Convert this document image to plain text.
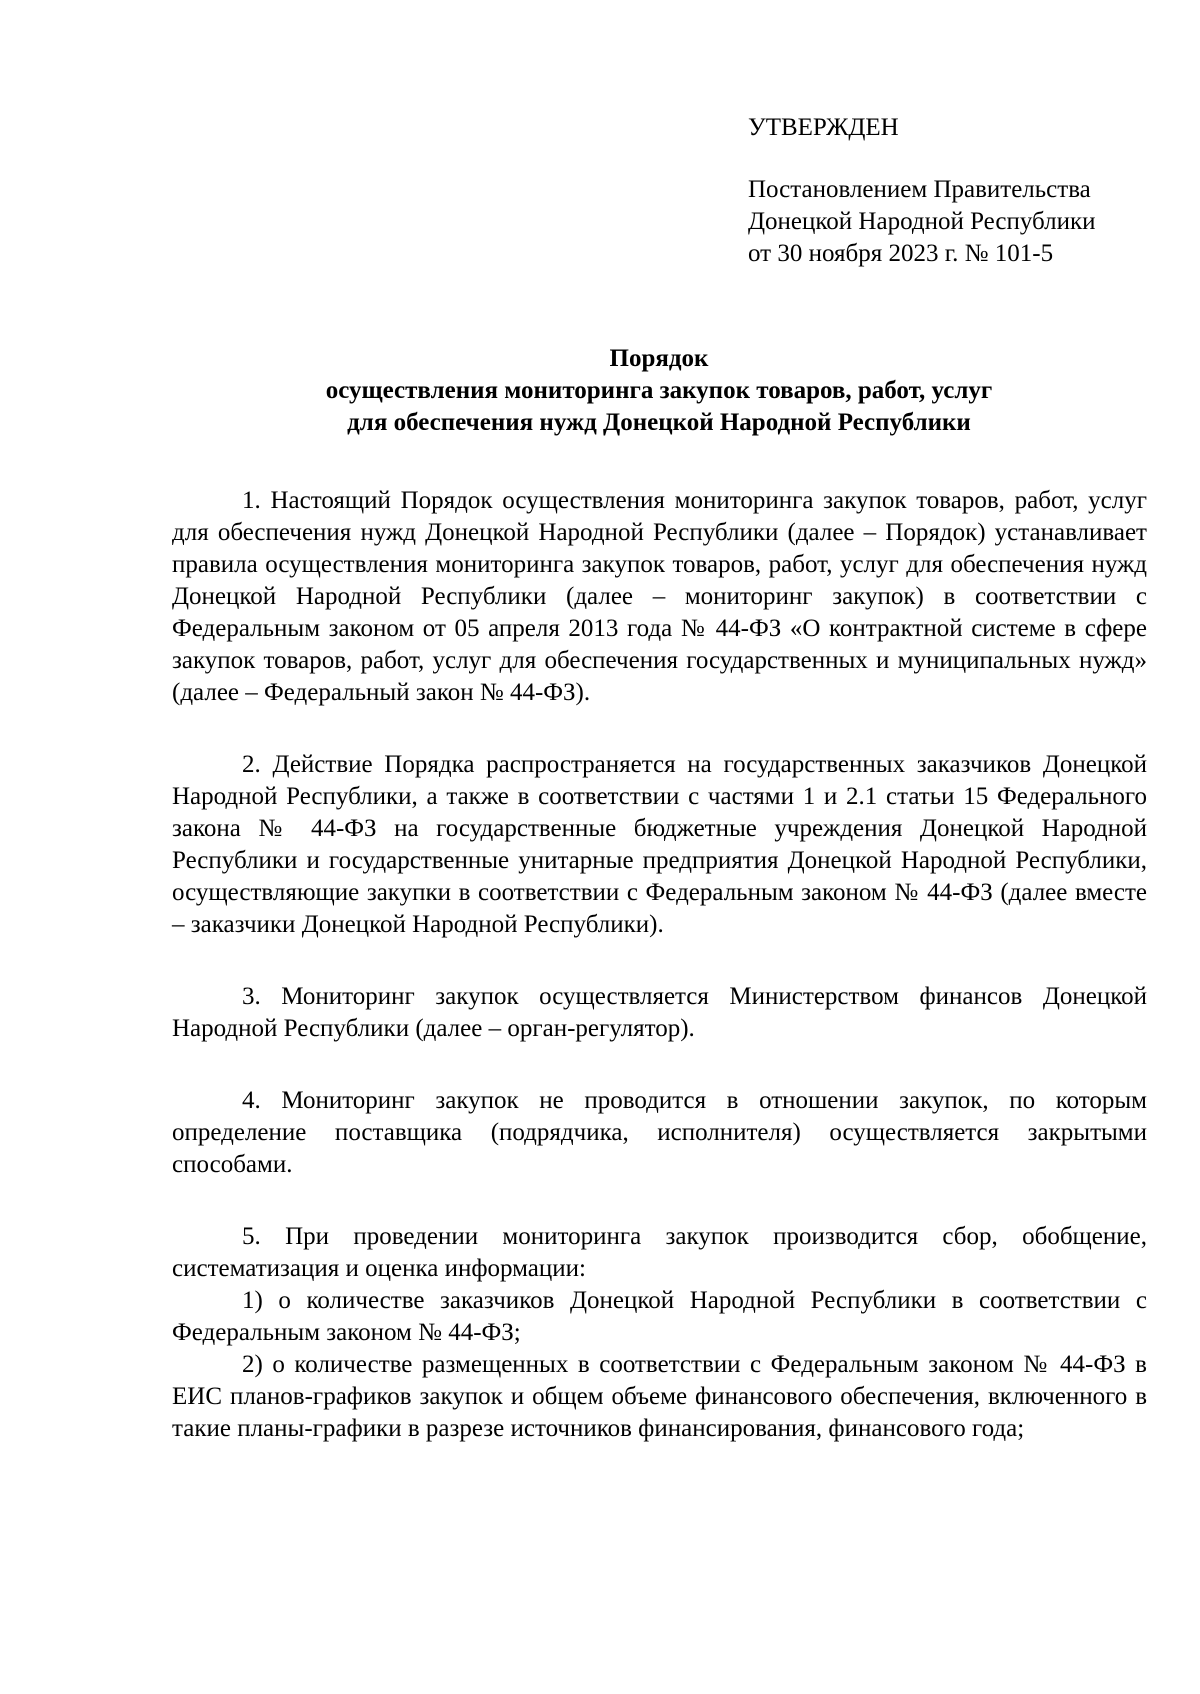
УТВЕРЖДЕН
Постановлением Правительства
Донецкой Народной Республики
от 30 ноября 2023 г. № 101-5
Порядок
осуществления мониторинга закупок товаров, работ, услуг
для обеспечения нужд Донецкой Народной Республики

1. Настоящий Порядок осуществления мониторинга закупок товаров, работ, услуг для обеспечения нужд Донецкой Народной Республики (далее – Порядок) устанавливает правила осуществления мониторинга закупок товаров, работ, услуг для обеспечения нужд Донецкой Народной Республики (далее – мониторинг закупок) в соответствии с Федеральным законом от 05 апреля 2013 года № 44-ФЗ «О контрактной системе в сфере закупок товаров, работ, услуг для обеспечения государственных и муниципальных нужд» (далее – Федеральный закон № 44-ФЗ).

2. Действие Порядка распространяется на государственных заказчиков Донецкой Народной Республики, а также в соответствии с частями 1 и 2.1 статьи 15 Федерального закона № 44-ФЗ на государственные бюджетные учреждения Донецкой Народной Республики и государственные унитарные предприятия Донецкой Народной Республики, осуществляющие закупки в соответствии с Федеральным законом № 44-ФЗ (далее вместе – заказчики Донецкой Народной Республики).

3. Мониторинг закупок осуществляется Министерством финансов Донецкой Народной Республики (далее – орган-регулятор).

4. Мониторинг закупок не проводится в отношении закупок, по которым определение поставщика (подрядчика, исполнителя) осуществляется закрытыми способами.

5. При проведении мониторинга закупок производится сбор, обобщение, систематизация и оценка информации:

1) о количестве заказчиков Донецкой Народной Республики в соответствии с Федеральным законом № 44-ФЗ;

2) о количестве размещенных в соответствии с Федеральным законом № 44-ФЗ в ЕИС планов-графиков закупок и общем объеме финансового обеспечения, включенного в такие планы-графики в разрезе источников финансирования, финансового года;
